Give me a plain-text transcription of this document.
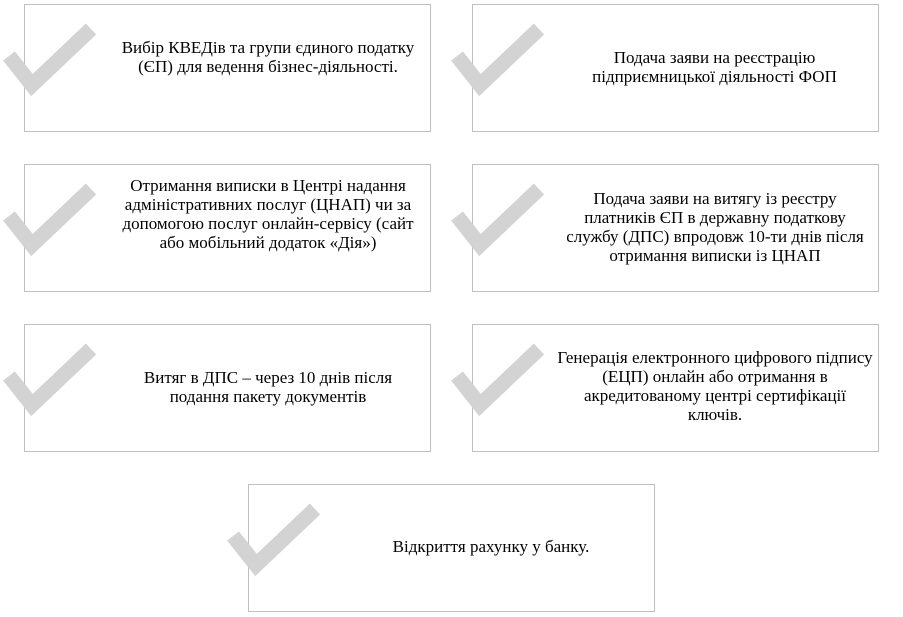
Вибір КВЕДів та групи єдиного податку (ЄП) для ведення бізнес-діяльності.	Подача заяви на реєстрацію підприємницької діяльності ФОП
Отримання виписки в Центрі надання адміністративних послуг (ЦНАП) чи за допомогою послуг онлайн-сервісу (сайт або мобільний додаток «Дія»)
Подача заяви на витягу із реєстру платників ЄП в державну податкову службу (ДПС) впродовж 10-ти днів після отримання виписки із ЦНАП
Витяг в ДПС – через 10 днів після подання пакету документів
Генерація електронного цифрового підпису (ЕЦП) онлайн або отримання в акредитованому центрі сертифікації ключів.
Відкриття рахунку у банку.
